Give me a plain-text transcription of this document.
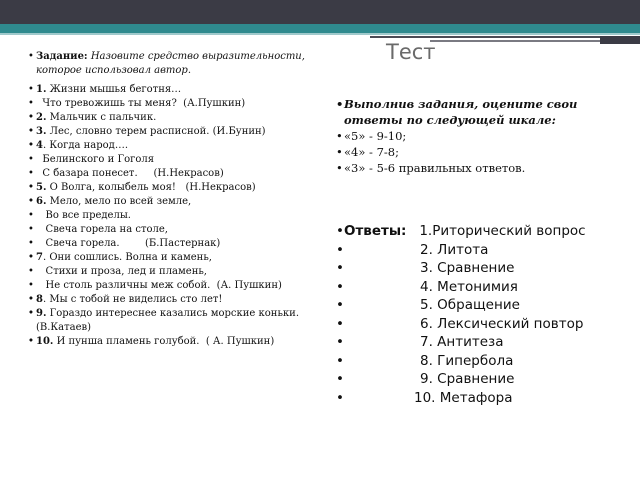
Тест
• Задание: Назовите средство выразительности, которое использовал автор.
• 1. Жизни мышья беготня…
•   Что тревожишь ты меня?  (А.Пушкин)
• 2. Мальчик с пальчик.
• 3. Лес, словно терем расписной. (И.Бунин)
• 4. Когда народ….
•   Белинского и Гоголя
•   С базара понесет.     (Н.Некрасов)
• 5. О Волга, колыбель моя!   (Н.Некрасов)
• 6. Мело, мело по всей земле,
•    Во все пределы.
•    Свеча горела на столе,
•    Свеча горела.        (Б.Пастернак)
• 7. Они сошлись. Волна и камень,
•    Стихи и проза, лед и пламень,
•    Не столь различны меж собой.  (А. Пушкин)
• 8. Мы с тобой не виделись сто лет!
• 9. Гораздо интереснее казались морские коньки. (В.Катаев)
• 10. И пунша пламень голубой.  ( А. Пушкин)
• Выполнив задания, оцените свои ответы по следующей шкале:
• «5» - 9-10;
• «4» - 7-8;
• «3» - 5-6 правильных ответов.
• Ответы: 1.Риторический вопрос
• 2. Литота
• 3. Сравнение
• 4. Метонимия
• 5. Обращение
• 6. Лексический повтор
• 7. Антитеза
• 8. Гипербола
• 9. Сравнение
• 10. Метафора
